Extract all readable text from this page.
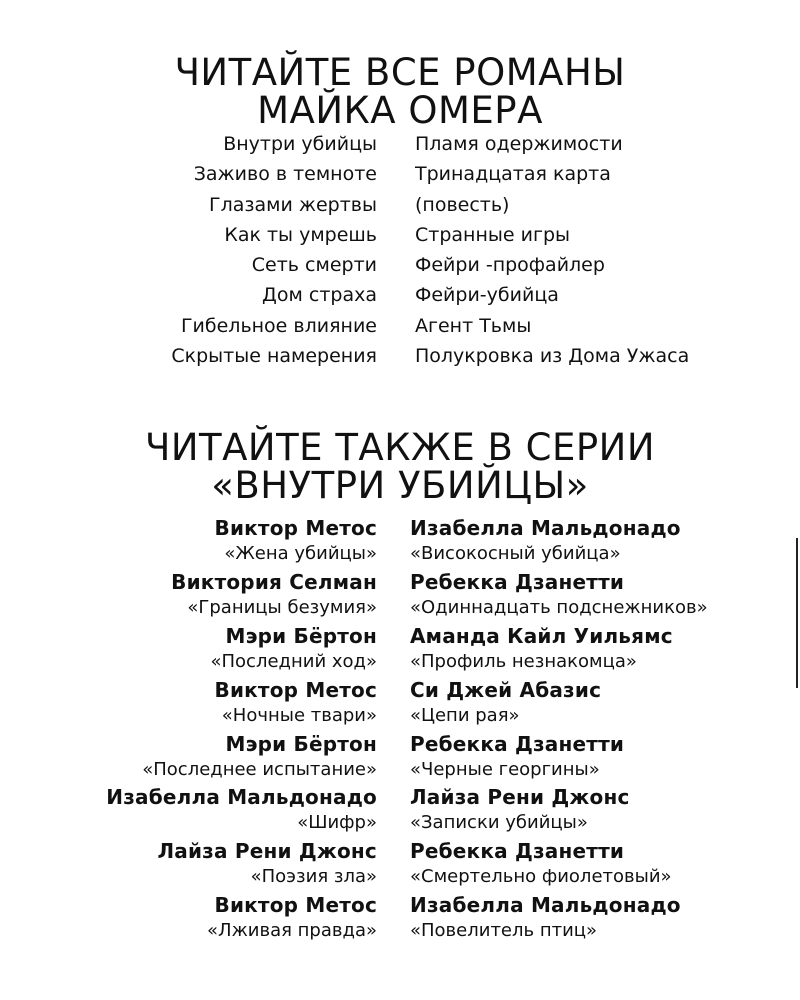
ЧИТАЙТЕ ВСЕ РОМАНЫ
МАЙКА ОМЕРА
Внутри убийцы Пламя одержимости
Заживо в темноте Тринадцатая карта
Глазами жертвы (повесть)
Как ты умрешь Странные игры
Сеть смерти Фейри -профайлер
Дом страха Фейри-убийца
Гибельное влияние Агент Тьмы
Скрытые намерения Полукровка из Дома Ужаса
ЧИТАЙТЕ ТАКЖЕ В СЕРИИ
«ВНУТРИ УБИЙЦЫ»
Виктор Метос
«Жена убийцы»
Изабелла Мальдонадо
«Високосный убийца»
Виктория Селман
«Границы безумия»
Ребекка Дзанетти
«Одиннадцать подснежников»
Мэри Бёртон
«Последний ход»
Аманда Кайл Уильямс
«Профиль незнакомца»
Виктор Метос
«Ночные твари»
Си Джей Абазис
«Цепи рая»
Мэри Бёртон
«Последнее испытание»
Ребекка Дзанетти
«Черные георгины»
Изабелла Мальдонадо
«Шифр»
Лайза Рени Джонс
«Записки убийцы»
Лайза Рени Джонс
«Поэзия зла»
Ребекка Дзанетти
«Смертельно фиолетовый»
Виктор Метос
«Лживая правда»
Изабелла Мальдонадо
«Повелитель птиц»
